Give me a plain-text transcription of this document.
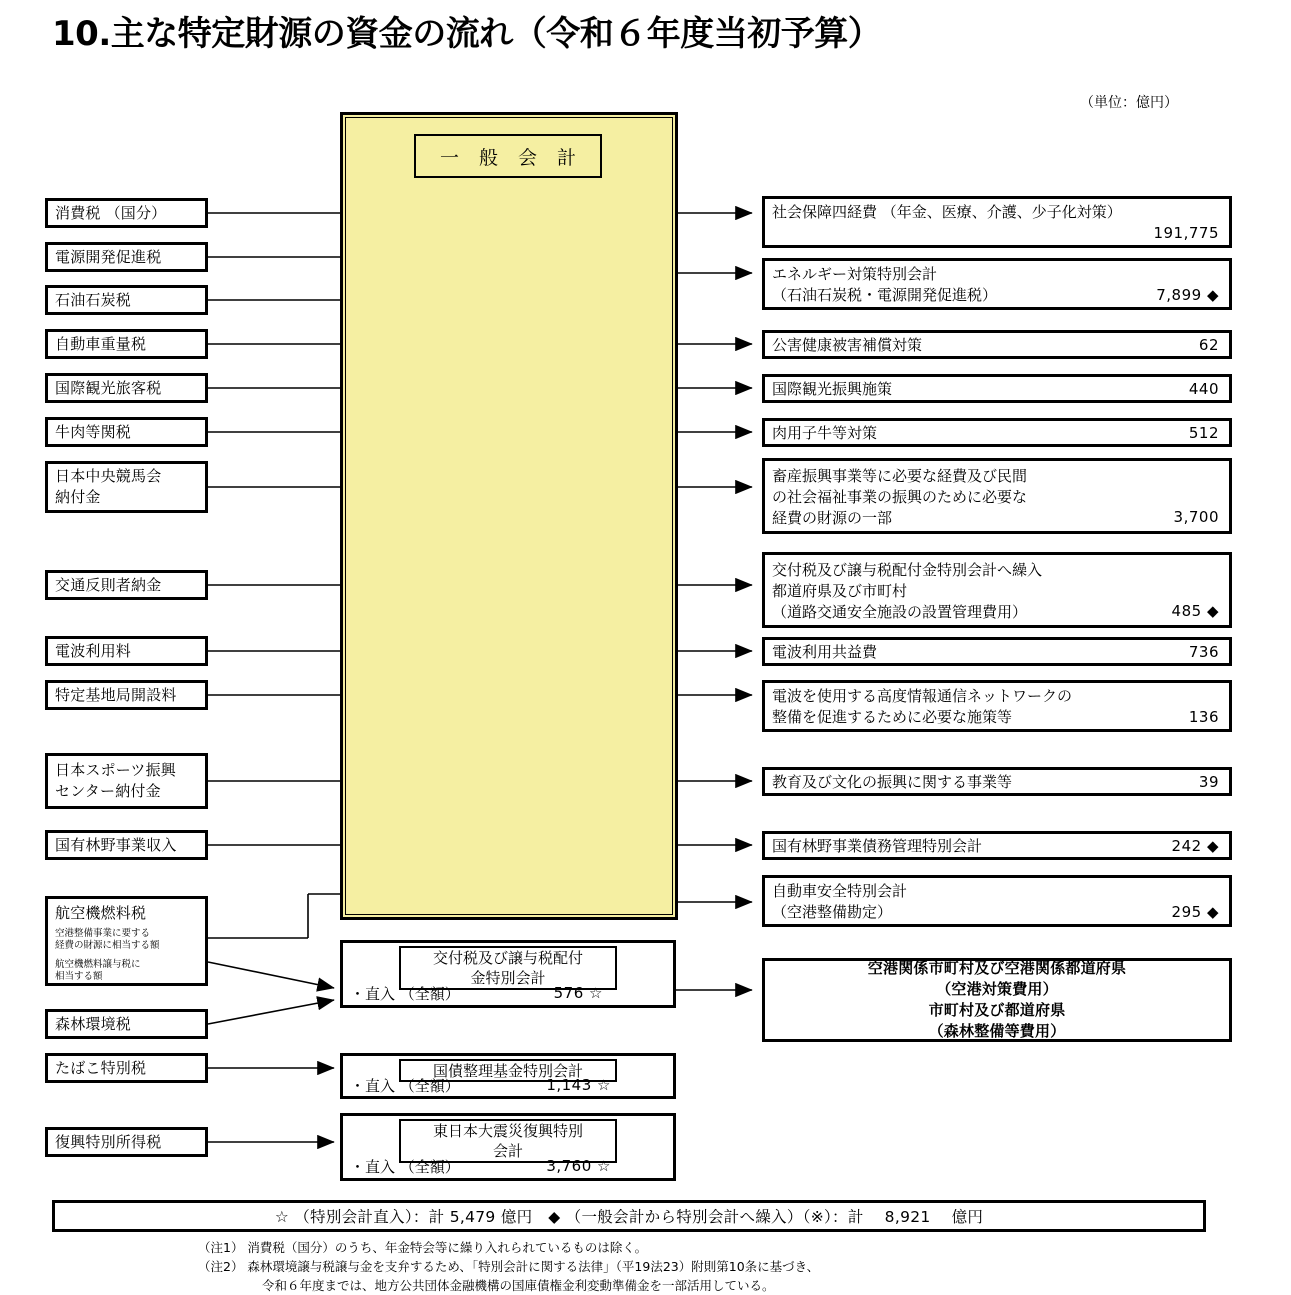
10.主な特定財源の資金の流れ（令和６年度当初予算）
（単位：億円）
一 般 会 計
消費税 （国分）
電源開発促進税
石油石炭税
自動車重量税
国際観光旅客税
牛肉等関税
日本中央競馬会
納付金
交通反則者納金
電波利用料
特定基地局開設料
日本スポーツ振興
センター納付金
国有林野事業収入
航空機燃料税
空港整備事業に要する
経費の財源に相当する額
航空機燃料譲与税に
相当する額
森林環境税
たばこ特別税
復興特別所得税
社会保障四経費 （年金、医療、介護、少子化対策）
191,775
エネルギー対策特別会計
（石油石炭税・電源開発促進税）	7,899 ◆
公害健康被害補償対策	62
国際観光振興施策	440
肉用子牛等対策	512
畜産振興事業等に必要な経費及び民間
の社会福祉事業の振興のために必要な
経費の財源の一部	3,700
交付税及び譲与税配付金特別会計へ繰入
都道府県及び市町村
（道路交通安全施設の設置管理費用）	485 ◆
電波利用共益費	736
電波を使用する高度情報通信ネットワークの
整備を促進するために必要な施策等	136
教育及び文化の振興に関する事業等	39
国有林野事業債務管理特別会計	242 ◆
自動車安全特別会計
（空港整備勘定）	295 ◆
交付税及び譲与税配付
金特別会計
・直入 （全額）	576 ☆
国債整理基金特別会計
・直入 （全額）	1,143 ☆
東日本大震災復興特別
会計
・直入 （全額）	3,760 ☆
空港関係市町村及び空港関係都道府県
（空港対策費用）
市町村及び都道府県
（森林整備等費用）
☆ （特別会計直入）：計 5,479 億円　◆ （一般会計から特別会計へ繰入）（※）：計　 8,921　 億円
（注1） 消費税（国分）のうち、年金特会等に繰り入れられているものは除く。
（注2） 森林環境譲与税譲与金を支弁するため、「特別会計に関する法律」（平19法23）附則第10条に基づき、
令和６年度までは、地方公共団体金融機構の国庫債権金利変動準備金を一部活用している。
